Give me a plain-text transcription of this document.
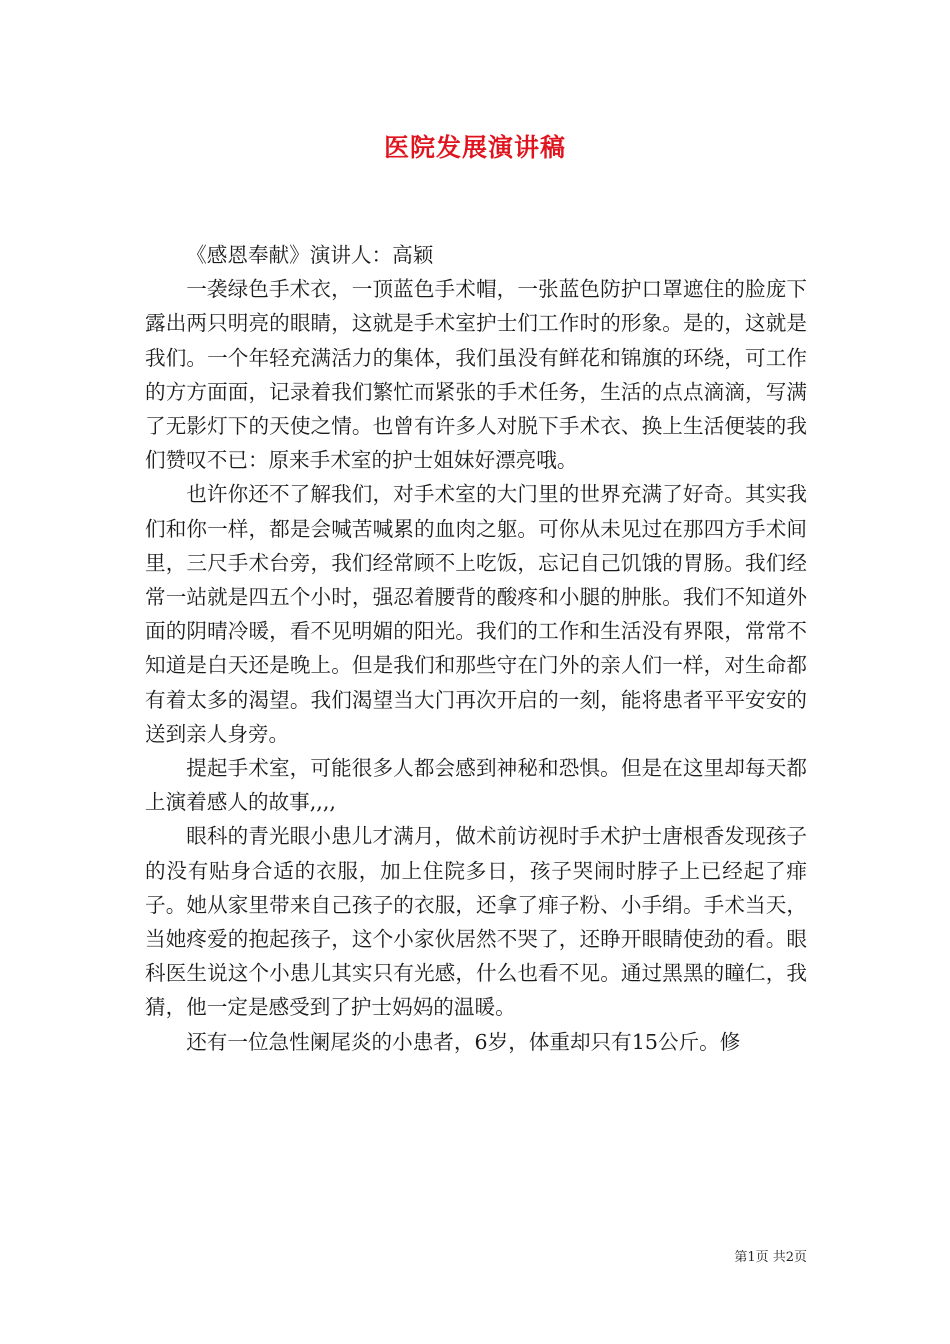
医院发展演讲稿

《感恩奉献》演讲人：高颖

一袭绿色手术衣，一顶蓝色手术帽，一张蓝色防护口罩遮住的脸庞下露出两只明亮的眼睛，这就是手术室护士们工作时的形象。是的，这就是我们。一个年轻充满活力的集体，我们虽没有鲜花和锦旗的环绕，可工作的方方面面，记录着我们繁忙而紧张的手术任务，生活的点点滴滴，写满了无影灯下的天使之情。也曾有许多人对脱下手术衣、换上生活便装的我们赞叹不已：原来手术室的护士姐妹好漂亮哦。

也许你还不了解我们，对手术室的大门里的世界充满了好奇。其实我们和你一样，都是会喊苦喊累的血肉之躯。可你从未见过在那四方手术间里，三尺手术台旁，我们经常顾不上吃饭，忘记自己饥饿的胃肠。我们经常一站就是四五个小时，强忍着腰背的酸疼和小腿的肿胀。我们不知道外面的阴晴冷暖，看不见明媚的阳光。我们的工作和生活没有界限，常常不知道是白天还是晚上。但是我们和那些守在门外的亲人们一样，对生命都有着太多的渴望。我们渴望当大门再次开启的一刻，能将患者平平安安的送到亲人身旁。

提起手术室，可能很多人都会感到神秘和恐惧。但是在这里却每天都上演着感人的故事,,,,

眼科的青光眼小患儿才满月，做术前访视时手术护士唐根香发现孩子的没有贴身合适的衣服，加上住院多日，孩子哭闹时脖子上已经起了痱子。她从家里带来自己孩子的衣服，还拿了痱子粉、小手绢。手术当天，当她疼爱的抱起孩子，这个小家伙居然不哭了，还睁开眼睛使劲的看。眼科医生说这个小患儿其实只有光感，什么也看不见。通过黑黑的瞳仁，我猜，他一定是感受到了护士妈妈的温暖。

还有一位急性阑尾炎的小患者，6岁，体重却只有15公斤。修

第1页 共2页
